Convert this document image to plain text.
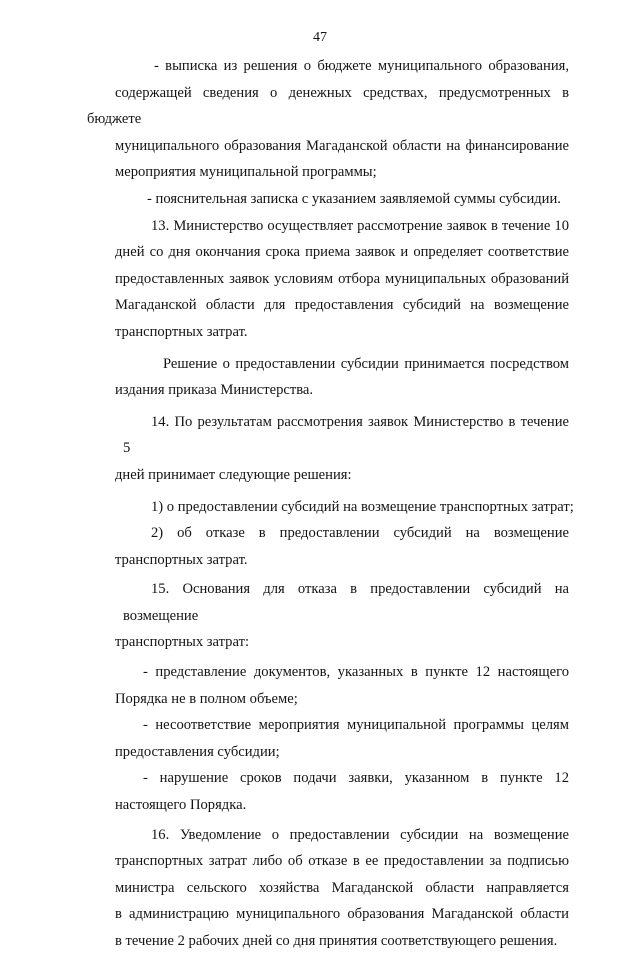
47
- выписка из решения о бюджете муниципального образования,
содержащей сведения о денежных средствах, предусмотренных в бюджете
муниципального образования Магаданской области на финансирование
мероприятия муниципальной программы;
- пояснительная записка с указанием заявляемой суммы субсидии.
13. Министерство осуществляет рассмотрение заявок в течение 10
дней со дня окончания срока приема заявок и определяет соответствие
предоставленных заявок условиям отбора муниципальных образований
Магаданской области для предоставления субсидий на возмещение
транспортных затрат.
Решение о предоставлении субсидии принимается посредством
издания приказа Министерства.
14. По результатам рассмотрения заявок Министерство в течение 5
дней принимает следующие решения:
1) о предоставлении субсидий на возмещение транспортных затрат;
2) об отказе в предоставлении субсидий на возмещение
транспортных затрат.
15. Основания для отказа в предоставлении субсидий на возмещение
транспортных затрат:
- представление документов, указанных в пункте 12 настоящего
Порядка не в полном объеме;
- несоответствие мероприятия муниципальной программы целям
предоставления субсидии;
- нарушение сроков подачи заявки, указанном в пункте 12
настоящего Порядка.
16. Уведомление о предоставлении субсидии на возмещение
транспортных затрат либо об отказе в ее предоставлении за подписью
министра сельского хозяйства Магаданской области направляется
в администрацию муниципального образования Магаданской области
в течение 2 рабочих дней со дня принятия соответствующего решения.
